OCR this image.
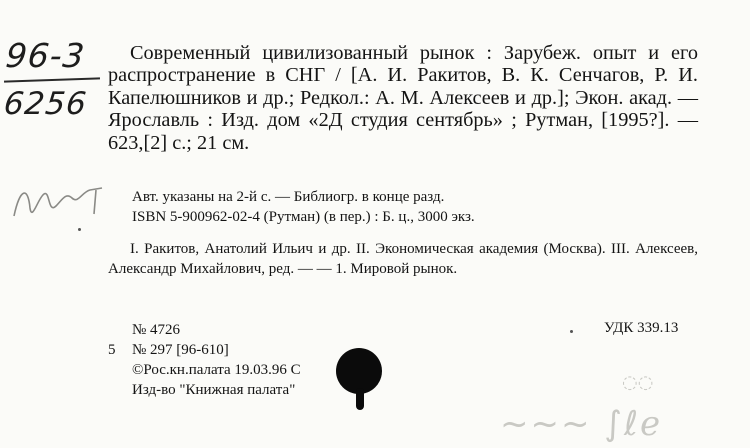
96-3
6256
Современный цивилизованный рынок : Зарубеж. опыт и его распространение в СНГ / [А. И. Ракитов, В. К. Сенчагов, Р. И. Капелюшников и др.; Редкол.: А. М. Алексеев и др.]; Экон. акад. — Ярославль : Изд. дом «2Д студия сентябрь» ; Рутман, [1995?]. — 623,[2] с.; 21 см.
Авт. указаны на 2-й с. — Библиогр. в конце разд.
ISBN 5-900962-02-4 (Рутман) (в пер.) : Б. ц., 3000 экз.
I. Ракитов, Анатолий Ильич и др. II. Экономическая академия (Москва). III. Алексеев, Александр Михайлович, ред. — — 1. Мировой рынок.
№ 4726
5 № 297 [96-610]
©Рос.кн.палата 19.03.96 С
Изд-во "Книжная палата"
УДК 339.13
◌◌
~~~ ∫ℓℯ
